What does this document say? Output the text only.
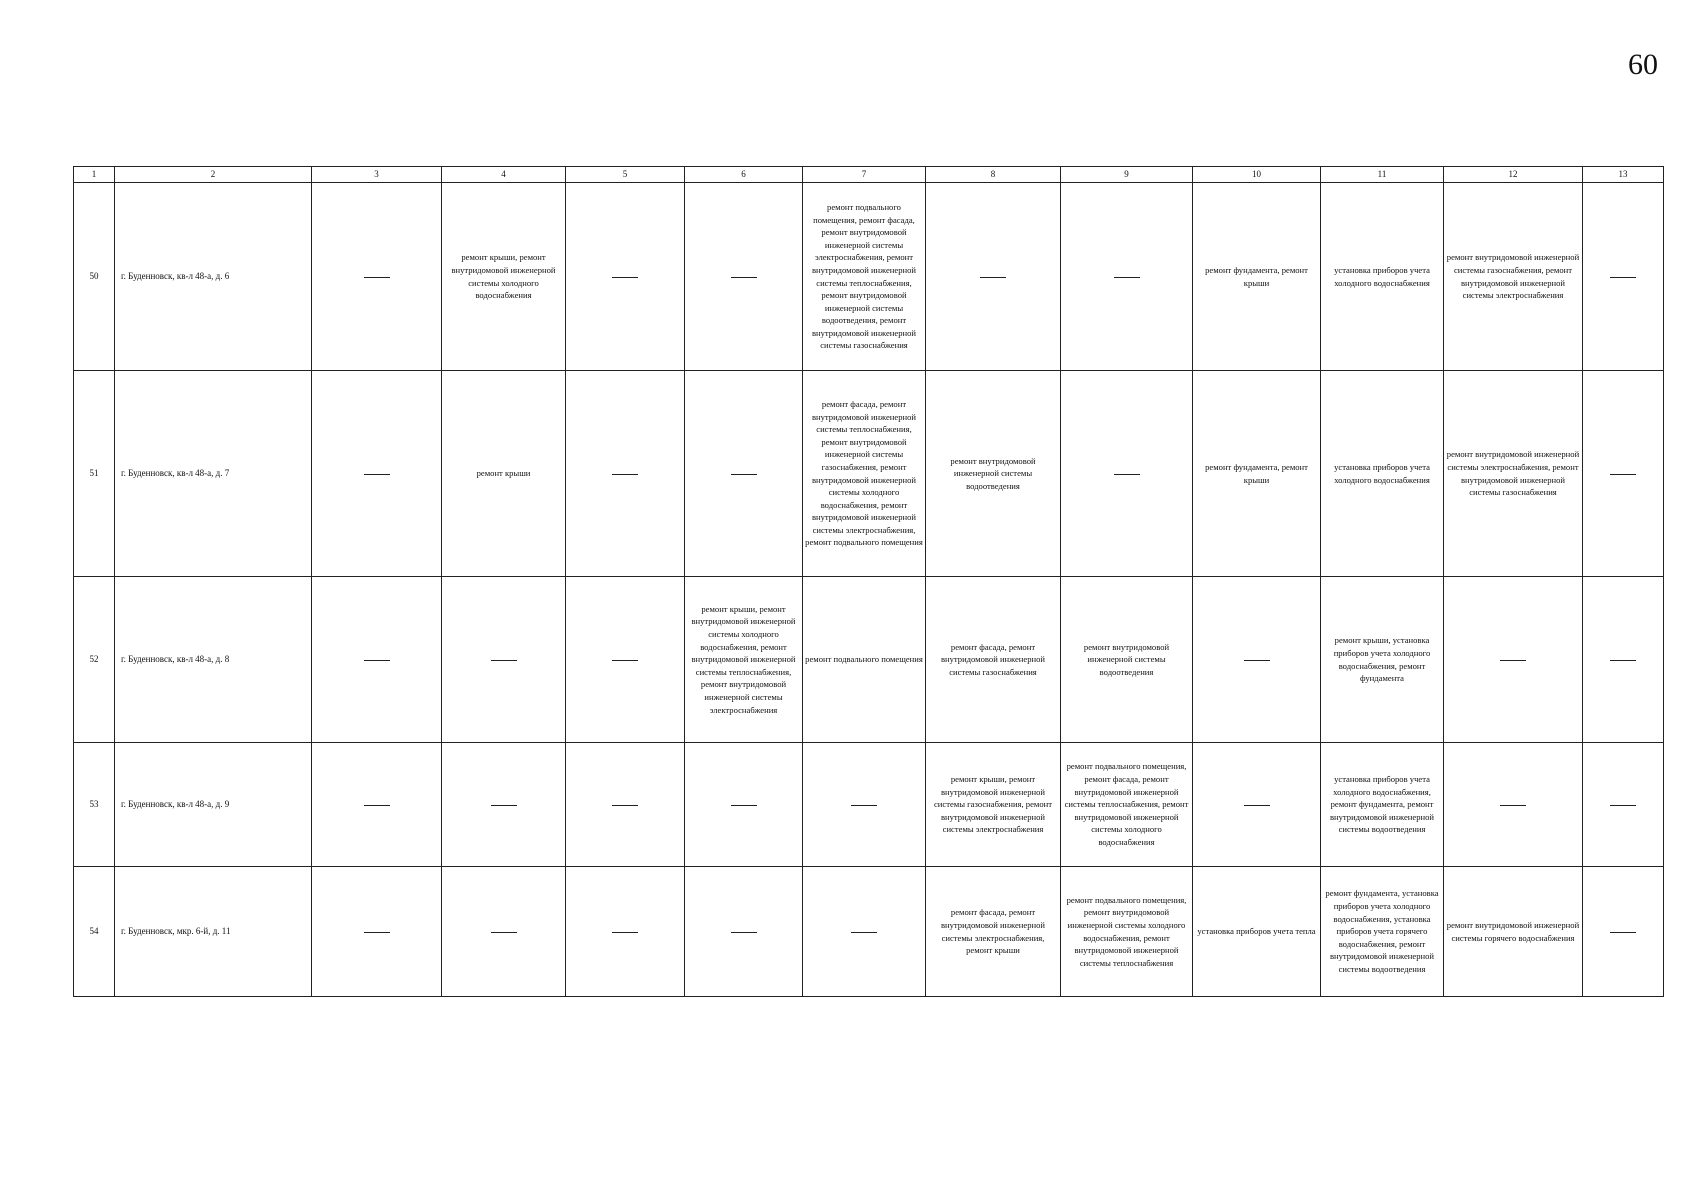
60
1	2	3	4	5	6	7	8	9	10	11	12	13
50	г. Буденновск, кв-л 48-а, д. 6		ремонт крыши, ремонт внутридомовой инженерной системы холодного водоснабжения			ремонт подвального помещения, ремонт фасада, ремонт внутридомовой инженерной системы электроснабжения, ремонт внутридомовой инженерной системы теплоснабжения, ремонт внутридомовой инженерной системы водоотведения, ремонт внутридомовой инженерной системы газоснабжения			ремонт фундамента, ремонт крыши	установка приборов учета холодного водоснабжения	ремонт внутридомовой инженерной системы газоснабжения, ремонт внутридомовой инженерной системы электроснабжения	
51	г. Буденновск, кв-л 48-а, д. 7		ремонт крыши			ремонт фасада, ремонт внутридомовой инженерной системы теплоснабжения, ремонт внутридомовой инженерной системы газоснабжения, ремонт внутридомовой инженерной системы холодного водоснабжения, ремонт внутридомовой инженерной системы электроснабжения, ремонт подвального помещения	ремонт внутридомовой инженерной системы водоотведения		ремонт фундамента, ремонт крыши	установка приборов учета холодного водоснабжения	ремонт внутридомовой инженерной системы электроснабжения, ремонт внутридомовой инженерной системы газоснабжения	
52	г. Буденновск, кв-л 48-а, д. 8				ремонт крыши, ремонт внутридомовой инженерной системы холодного водоснабжения, ремонт внутридомовой инженерной системы теплоснабжения, ремонт внутридомовой инженерной системы электроснабжения	ремонт подвального помещения	ремонт фасада, ремонт внутридомовой инженерной системы газоснабжения	ремонт внутридомовой инженерной системы водоотведения		ремонт крыши, установка приборов учета холодного водоснабжения, ремонт фундамента		
53	г. Буденновск, кв-л 48-а, д. 9						ремонт крыши, ремонт внутридомовой инженерной системы газоснабжения, ремонт внутридомовой инженерной системы электроснабжения	ремонт подвального помещения, ремонт фасада, ремонт внутридомовой инженерной системы теплоснабжения, ремонт внутридомовой инженерной системы холодного водоснабжения		установка приборов учета холодного водоснабжения, ремонт фундамента, ремонт внутридомовой инженерной системы водоотведения		
54	г. Буденновск, мкр. 6-й, д. 11						ремонт фасада, ремонт внутридомовой инженерной системы электроснабжения, ремонт крыши	ремонт подвального помещения, ремонт внутридомовой инженерной системы холодного водоснабжения, ремонт внутридомовой инженерной системы теплоснабжения	установка приборов учета тепла	ремонт фундамента, установка приборов учета холодного водоснабжения, установка приборов учета горячего водоснабжения, ремонт внутридомовой инженерной системы водоотведения	ремонт внутридомовой инженерной системы горячего водоснабжения	
